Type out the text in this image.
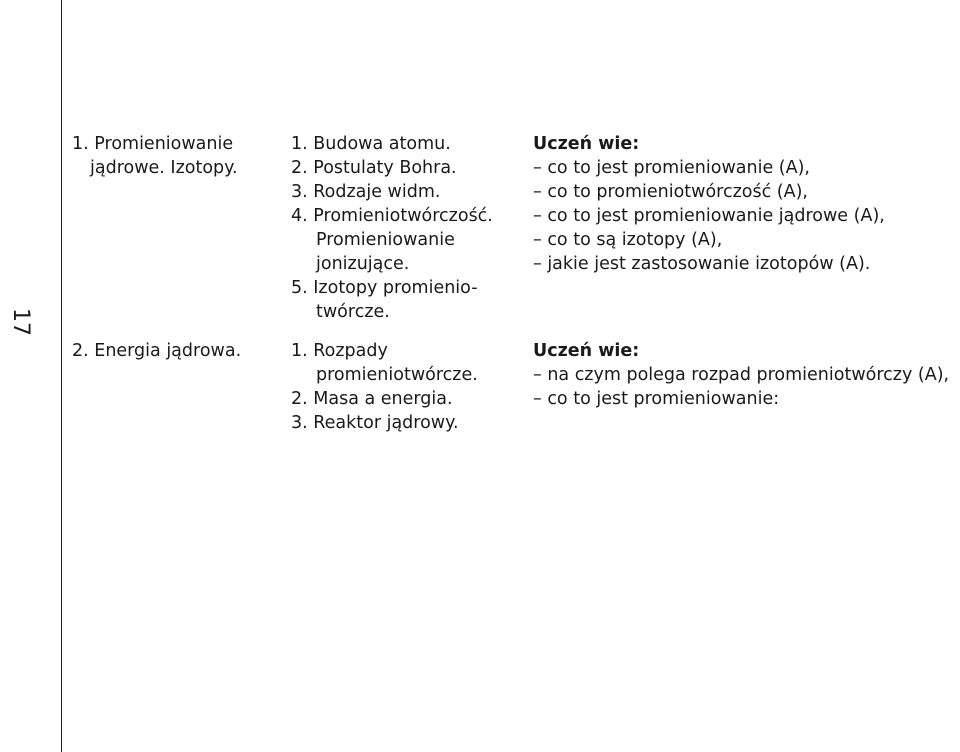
17
1. Promieniowanie
jądrowe. Izotopy.
1. Budowa atomu.
2. Postulaty Bohra.
3. Rodzaje widm.
4. Promieniotwórczość.
Promieniowanie
jonizujące.
5. Izotopy promienio-
twórcze.
Uczeń wie:
– co to jest promieniowanie (A),
– co to promieniotwórczość (A),
– co to jest promieniowanie jądrowe (A),
– co to są izotopy (A),
– jakie jest zastosowanie izotopów (A).
2. Energia jądrowa.	1. Rozpady
promieniotwórcze.
2. Masa a energia.
3. Reaktor jądrowy.
Uczeń wie:
– na czym polega rozpad promieniotwórczy (A),
– co to jest promieniowanie:
